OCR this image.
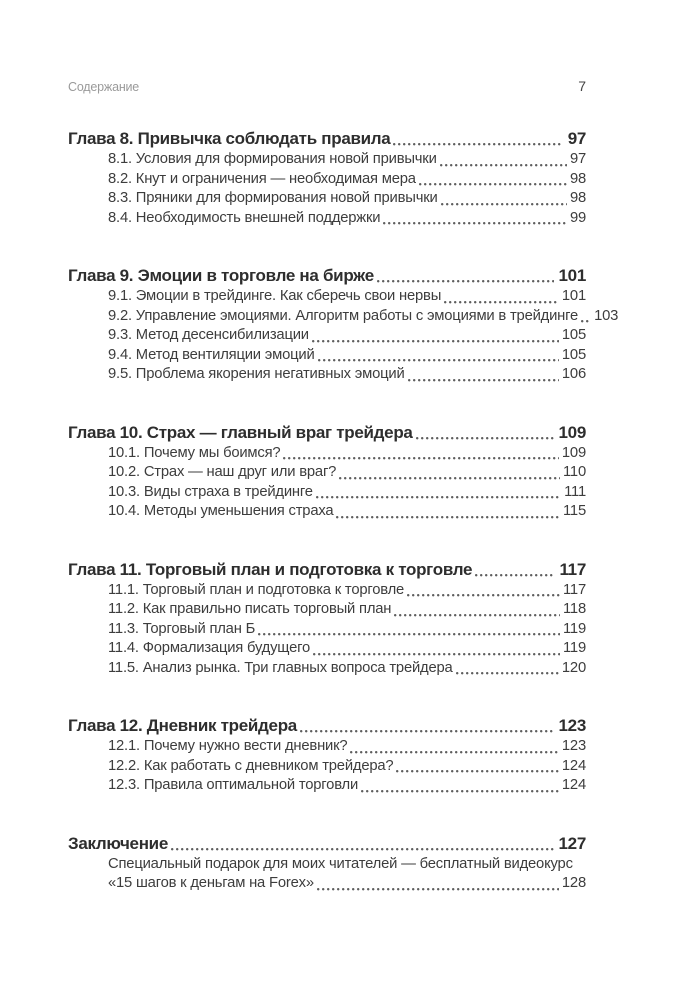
Содержание	7
Глава 8. Привычка соблюдать правила	97
8.1. Условия для формирования новой привычки	97
8.2. Кнут и ограничения — необходимая мера	98
8.3. Пряники для формирования новой привычки	98
8.4. Необходимость внешней поддержки	99
Глава 9. Эмоции в торговле на бирже	101
9.1. Эмоции в трейдинге. Как сберечь свои нервы	101
9.2. Управление эмоциями. Алгоритм работы с эмоциями в трейдинге 103
9.3. Метод десенсибилизации	105
9.4. Метод вентиляции эмоций	105
9.5. Проблема якорения негативных эмоций	106
Глава 10. Страх — главный враг трейдера	109
10.1. Почему мы боимся?	109
10.2. Страх — наш друг или враг?	110
10.3. Виды страха в трейдинге	111
10.4. Методы уменьшения страха	115
Глава 11. Торговый план и подготовка к торговле	117
11.1. Торговый план и подготовка к торговле	117
11.2. Как правильно писать торговый план	118
11.3. Торговый план Б	119
11.4. Формализация будущего	119
11.5. Анализ рынка. Три главных вопроса трейдера	120
Глава 12. Дневник трейдера	123
12.1. Почему нужно вести дневник?	123
12.2. Как работать с дневником трейдера?	124
12.3. Правила оптимальной торговли	124
Заключение	127
Специальный подарок для моих читателей — бесплатный видеокурс
«15 шагов к деньгам на Forex»	128
